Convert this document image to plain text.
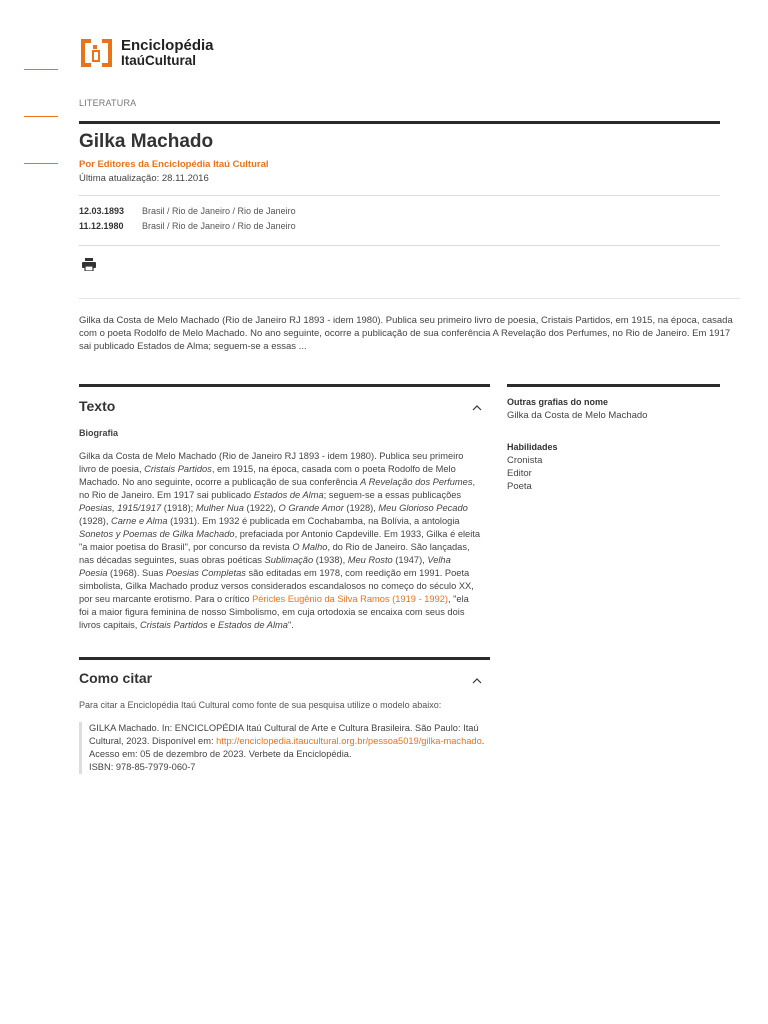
Enciclopédia
ItaúCultural
LITERATURA
Gilka Machado
Por Editores da Enciclopédia Itaú Cultural
Última atualização: 28.11.2016
12.03.1893 Brasil / Rio de Janeiro / Rio de Janeiro
11.12.1980 Brasil / Rio de Janeiro / Rio de Janeiro
Gilka da Costa de Melo Machado (Rio de Janeiro RJ 1893 - idem 1980). Publica seu primeiro livro de poesia, Cristais Partidos, em 1915, na época, casada com o poeta Rodolfo de Melo Machado. No ano seguinte, ocorre a publicação de sua conferência A Revelação dos Perfumes, no Rio de Janeiro. Em 1917 sai publicado Estados de Alma; seguem-se a essas ...
Texto
Biografia
Gilka da Costa de Melo Machado (Rio de Janeiro RJ 1893 - idem 1980). Publica seu primeiro livro de poesia, Cristais Partidos, em 1915, na época, casada com o poeta Rodolfo de Melo Machado. No ano seguinte, ocorre a publicação de sua conferência A Revelação dos Perfumes, no Rio de Janeiro. Em 1917 sai publicado Estados de Alma; seguem-se a essas publicações Poesias, 1915/1917 (1918); Mulher Nua (1922), O Grande Amor (1928), Meu Glorioso Pecado (1928), Carne e Alma (1931). Em 1932 é publicada em Cochabamba, na Bolívia, a antologia Sonetos y Poemas de Gilka Machado, prefaciada por Antonio Capdeville. Em 1933, Gilka é eleita "a maior poetisa do Brasil", por concurso da revista O Malho, do Rio de Janeiro. São lançadas, nas décadas seguintes, suas obras poéticas Sublimação (1938), Meu Rosto (1947), Velha Poesia (1968). Suas Poesias Completas são editadas em 1978, com reedição em 1991. Poeta simbolista, Gilka Machado produz versos considerados escandalosos no começo do século XX, por seu marcante erotismo. Para o crítico Péricles Eugênio da Silva Ramos (1919 - 1992), "ela foi a maior figura feminina de nosso Simbolismo, em cuja ortodoxia se encaixa com seus dois livros capitais, Cristais Partidos e Estados de Alma".
Como citar
Para citar a Enciclopédia Itaú Cultural como fonte de sua pesquisa utilize o modelo abaixo:
GILKA Machado. In: ENCICLOPÉDIA Itaú Cultural de Arte e Cultura Brasileira. São Paulo: Itaú Cultural, 2023. Disponível em: http://enciclopedia.itaucultural.org.br/pessoa5019/gilka-machado. Acesso em: 05 de dezembro de 2023. Verbete da Enciclopédia.
ISBN: 978-85-7979-060-7
Outras grafias do nome
Gilka da Costa de Melo Machado
Habilidades
Cronista
Editor
Poeta
